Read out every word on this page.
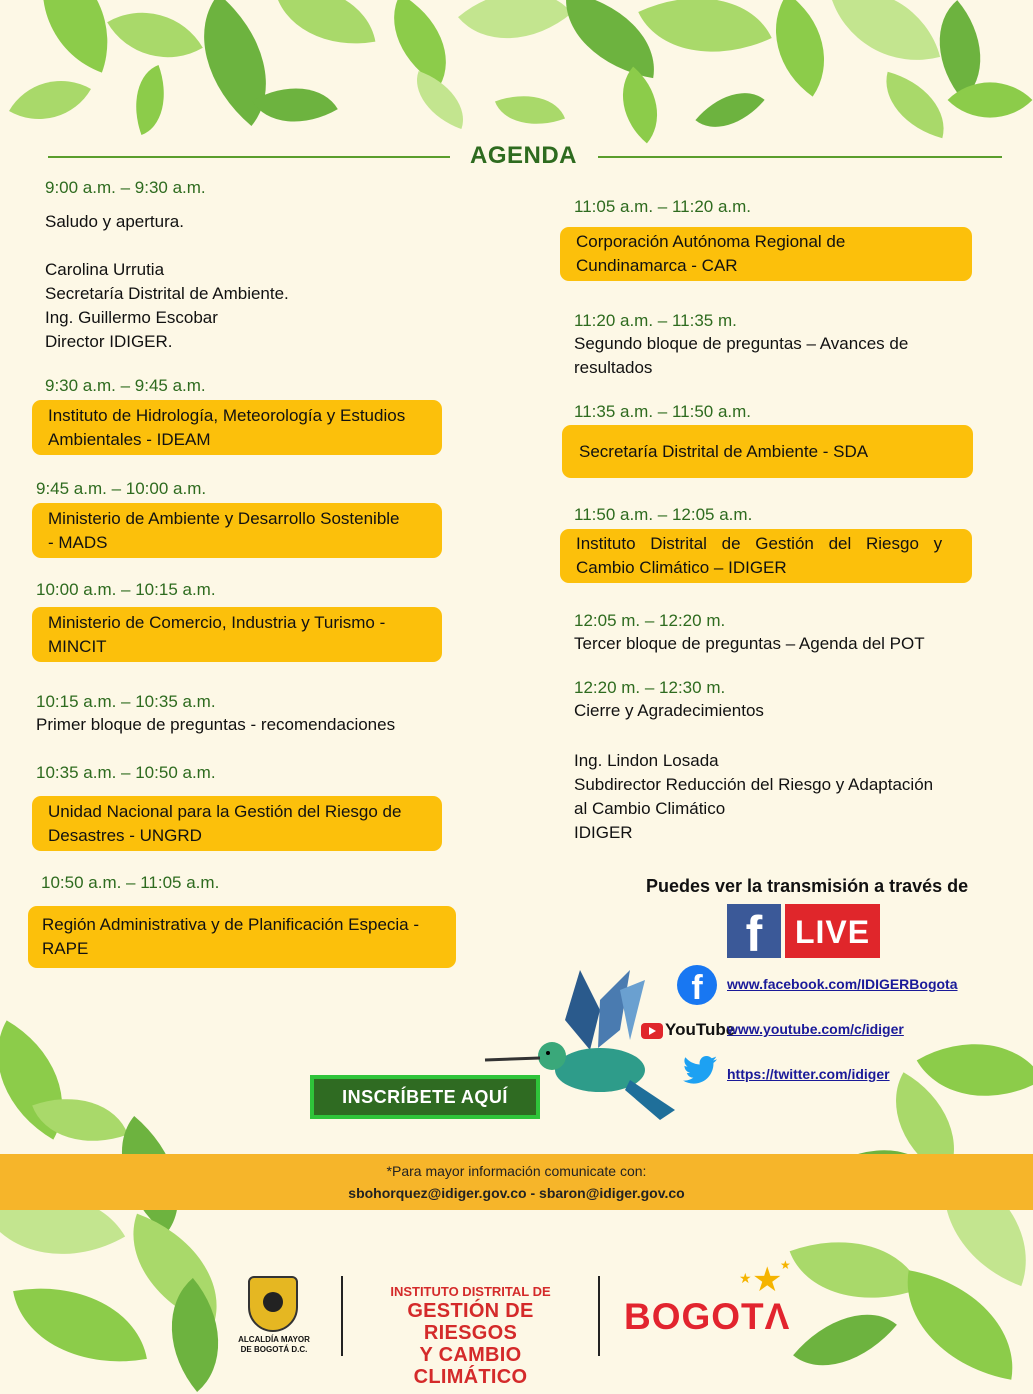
AGENDA
9:00 a.m. – 9:30 a.m.
Saludo y apertura.
Carolina Urrutia
Secretaría Distrital de Ambiente.
Ing. Guillermo Escobar
Director IDIGER.
9:30 a.m. – 9:45 a.m.
Instituto de Hidrología, Meteorología y Estudios
Ambientales - IDEAM
9:45 a.m. – 10:00 a.m.
Ministerio de Ambiente y Desarrollo Sostenible
- MADS
10:00 a.m. – 10:15 a.m.
Ministerio de Comercio, Industria y Turismo -
MINCIT
10:15 a.m. – 10:35 a.m.
Primer bloque de preguntas - recomendaciones
10:35 a.m. – 10:50 a.m.
Unidad Nacional para la Gestión del Riesgo de
Desastres - UNGRD
10:50 a.m. – 11:05 a.m.
Región Administrativa y de Planificación Especia -
RAPE
11:05 a.m. – 11:20 a.m.
Corporación Autónoma Regional de
Cundinamarca - CAR
11:20 a.m. – 11:35 m.
Segundo bloque de preguntas – Avances de
resultados
11:35 a.m. – 11:50 a.m.
Secretaría Distrital de Ambiente - SDA
11:50 a.m. – 12:05 a.m.
Instituto Distrital de Gestión del Riesgo y
Cambio Climático – IDIGER
12:05 m. – 12:20 m.
Tercer bloque de preguntas – Agenda del POT
12:20 m. – 12:30 m.
Cierre y Agradecimientos
Ing. Lindon Losada
Subdirector Reducción del Riesgo y Adaptación
al Cambio Climático
IDIGER
Puedes ver la transmisión a través de
f	LIVE
f	www.facebook.com/IDIGERBogota
YouTube
www.youtube.com/c/idiger
https://twitter.com/idiger
INSCRÍBETE AQUÍ
*Para mayor información comunicate con:
sbohorquez@idiger.gov.co - sbaron@idiger.gov.co
ALCALDÍA MAYOR
DE BOGOTÁ D.C.
INSTITUTO DISTRITAL DE
GESTIÓN DE RIESGOS
Y CAMBIO CLIMÁTICO
BOGOTΛ
★
★
★
